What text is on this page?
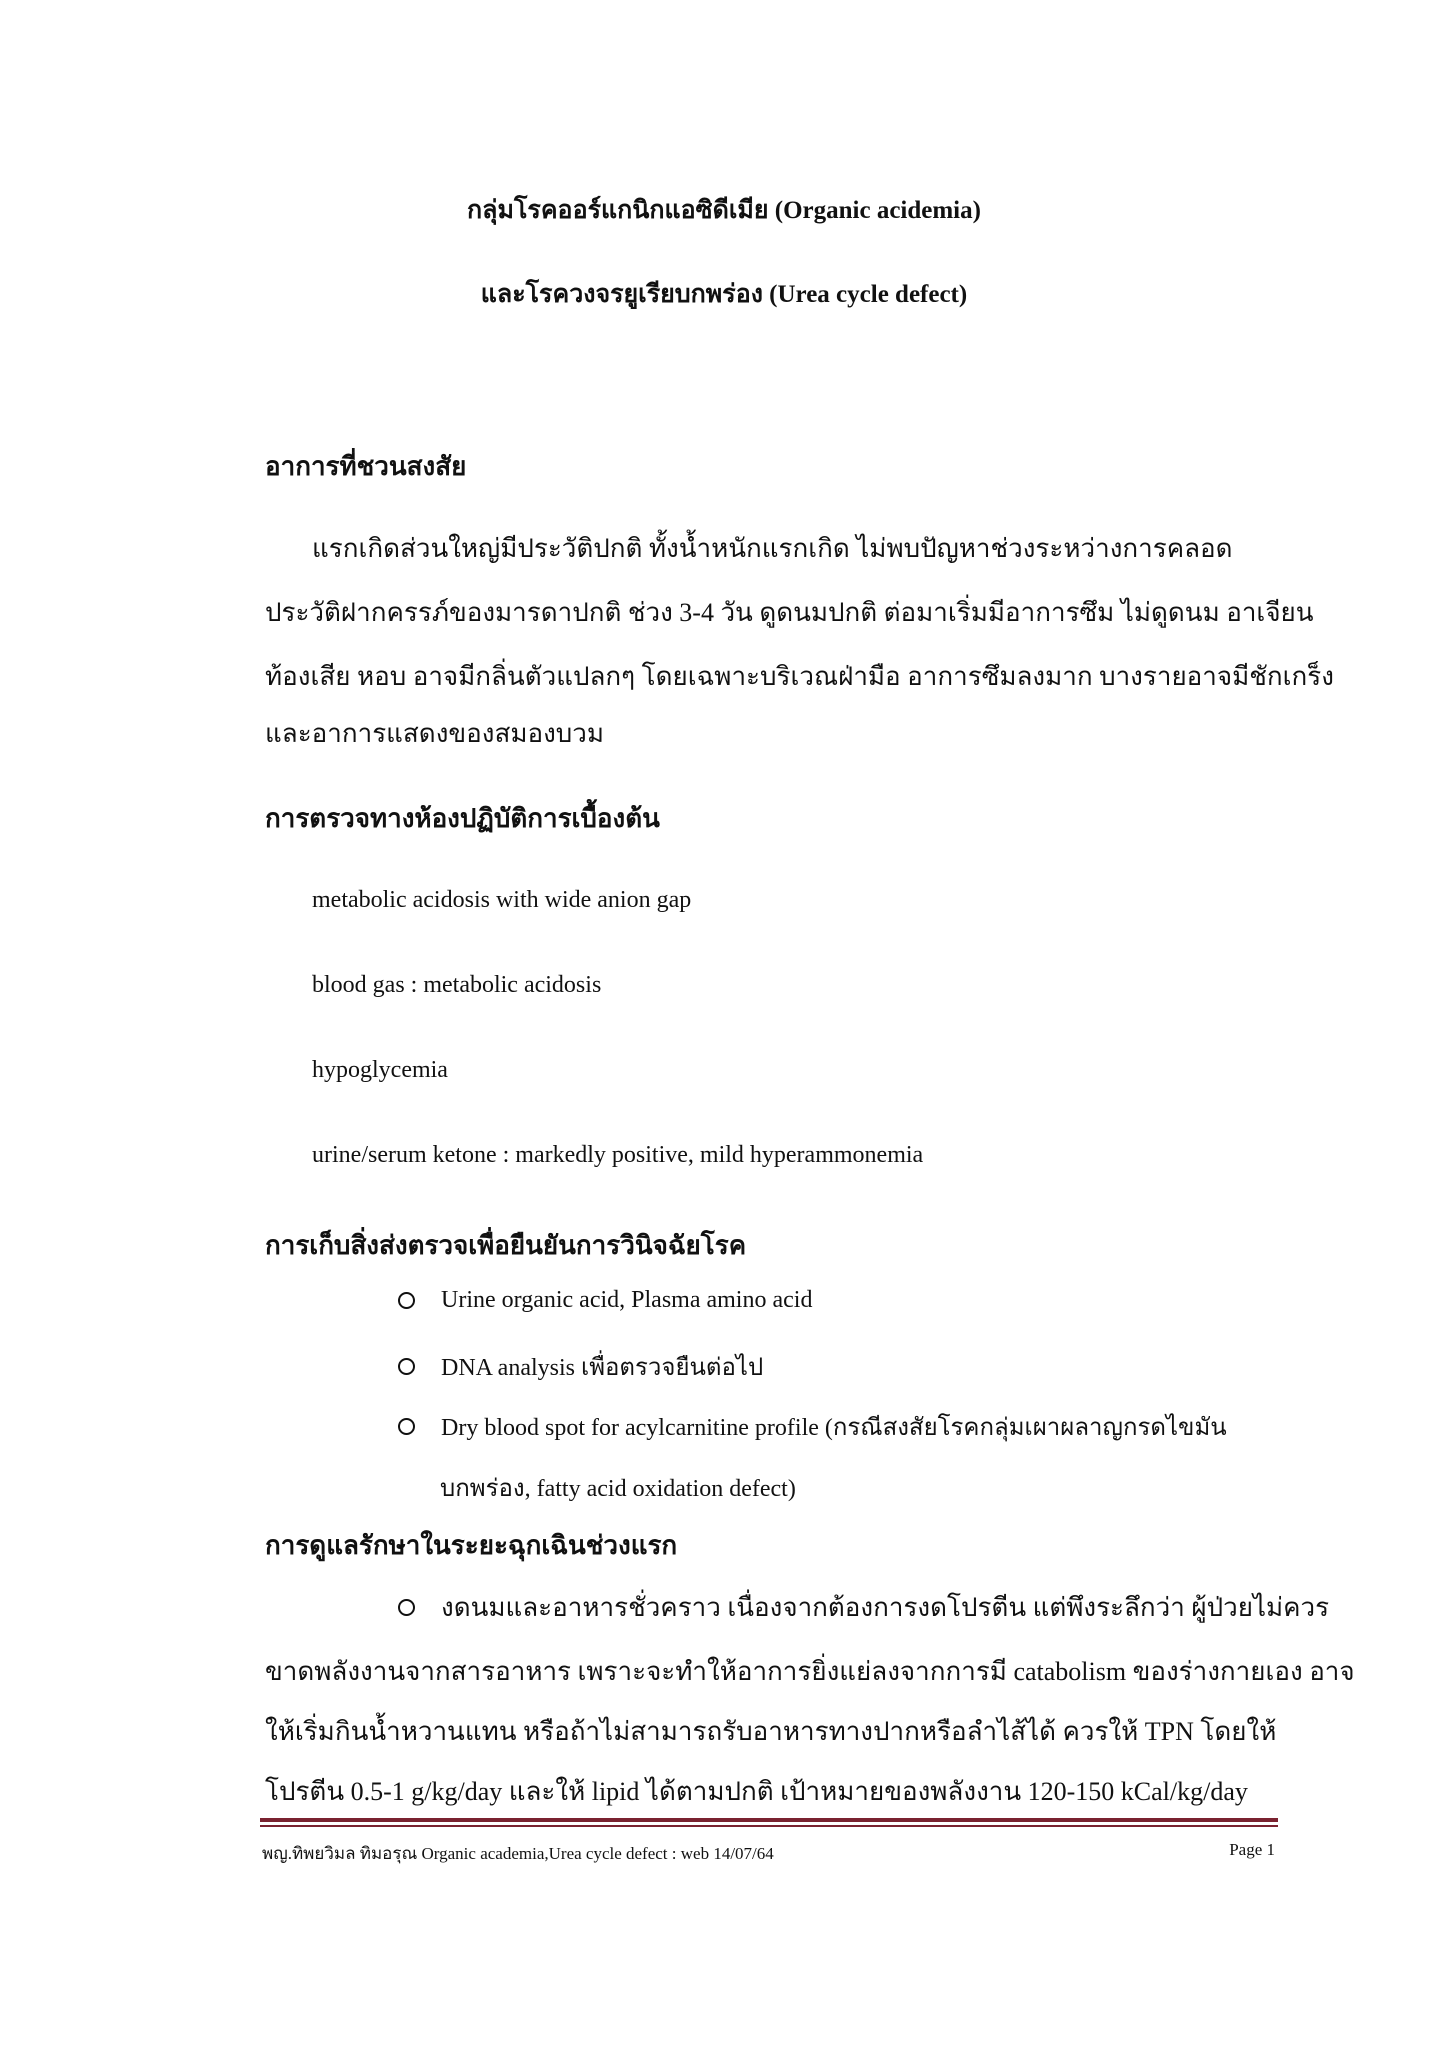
กลุ่มโรคออร์แกนิกแอซิดีเมีย (Organic acidemia)
และโรควงจรยูเรียบกพร่อง (Urea cycle defect)
อาการที่ชวนสงสัย
แรกเกิดส่วนใหญ่มีประวัติปกติ ทั้งน้ำหนักแรกเกิด ไม่พบปัญหาช่วงระหว่างการคลอด
ประวัติฝากครรภ์ของมารดาปกติ ช่วง 3-4 วัน ดูดนมปกติ ต่อมาเริ่มมีอาการซึม ไม่ดูดนม อาเจียน
ท้องเสีย หอบ อาจมีกลิ่นตัวแปลกๆ โดยเฉพาะบริเวณฝ่ามือ อาการซึมลงมาก บางรายอาจมีชักเกร็ง
และอาการแสดงของสมองบวม
การตรวจทางห้องปฏิบัติการเบื้องต้น
metabolic acidosis with wide anion gap
blood gas : metabolic acidosis
hypoglycemia
urine/serum ketone : markedly positive, mild hyperammonemia
การเก็บสิ่งส่งตรวจเพื่อยืนยันการวินิจฉัยโรค
Urine organic acid, Plasma amino acid
DNA analysis เพื่อตรวจยืนต่อไป
Dry blood spot for acylcarnitine profile (กรณีสงสัยโรคกลุ่มเผาผลาญกรดไขมัน
บกพร่อง, fatty acid oxidation defect)
การดูแลรักษาในระยะฉุกเฉินช่วงแรก
งดนมและอาหารชั่วคราว เนื่องจากต้องการงดโปรตีน แต่พึงระลึกว่า ผู้ป่วยไม่ควร
ขาดพลังงานจากสารอาหาร เพราะจะทำให้อาการยิ่งแย่ลงจากการมี catabolism ของร่างกายเอง อาจ
ให้เริ่มกินน้ำหวานแทน หรือถ้าไม่สามารถรับอาหารทางปากหรือลำไส้ได้ ควรให้ TPN โดยให้
โปรตีน 0.5-1 g/kg/day และให้ lipid ได้ตามปกติ เป้าหมายของพลังงาน 120-150 kCal/kg/day
พญ.ทิพยวิมล ทิมอรุณ Organic academia,Urea cycle defect : web 14/07/64	Page 1
